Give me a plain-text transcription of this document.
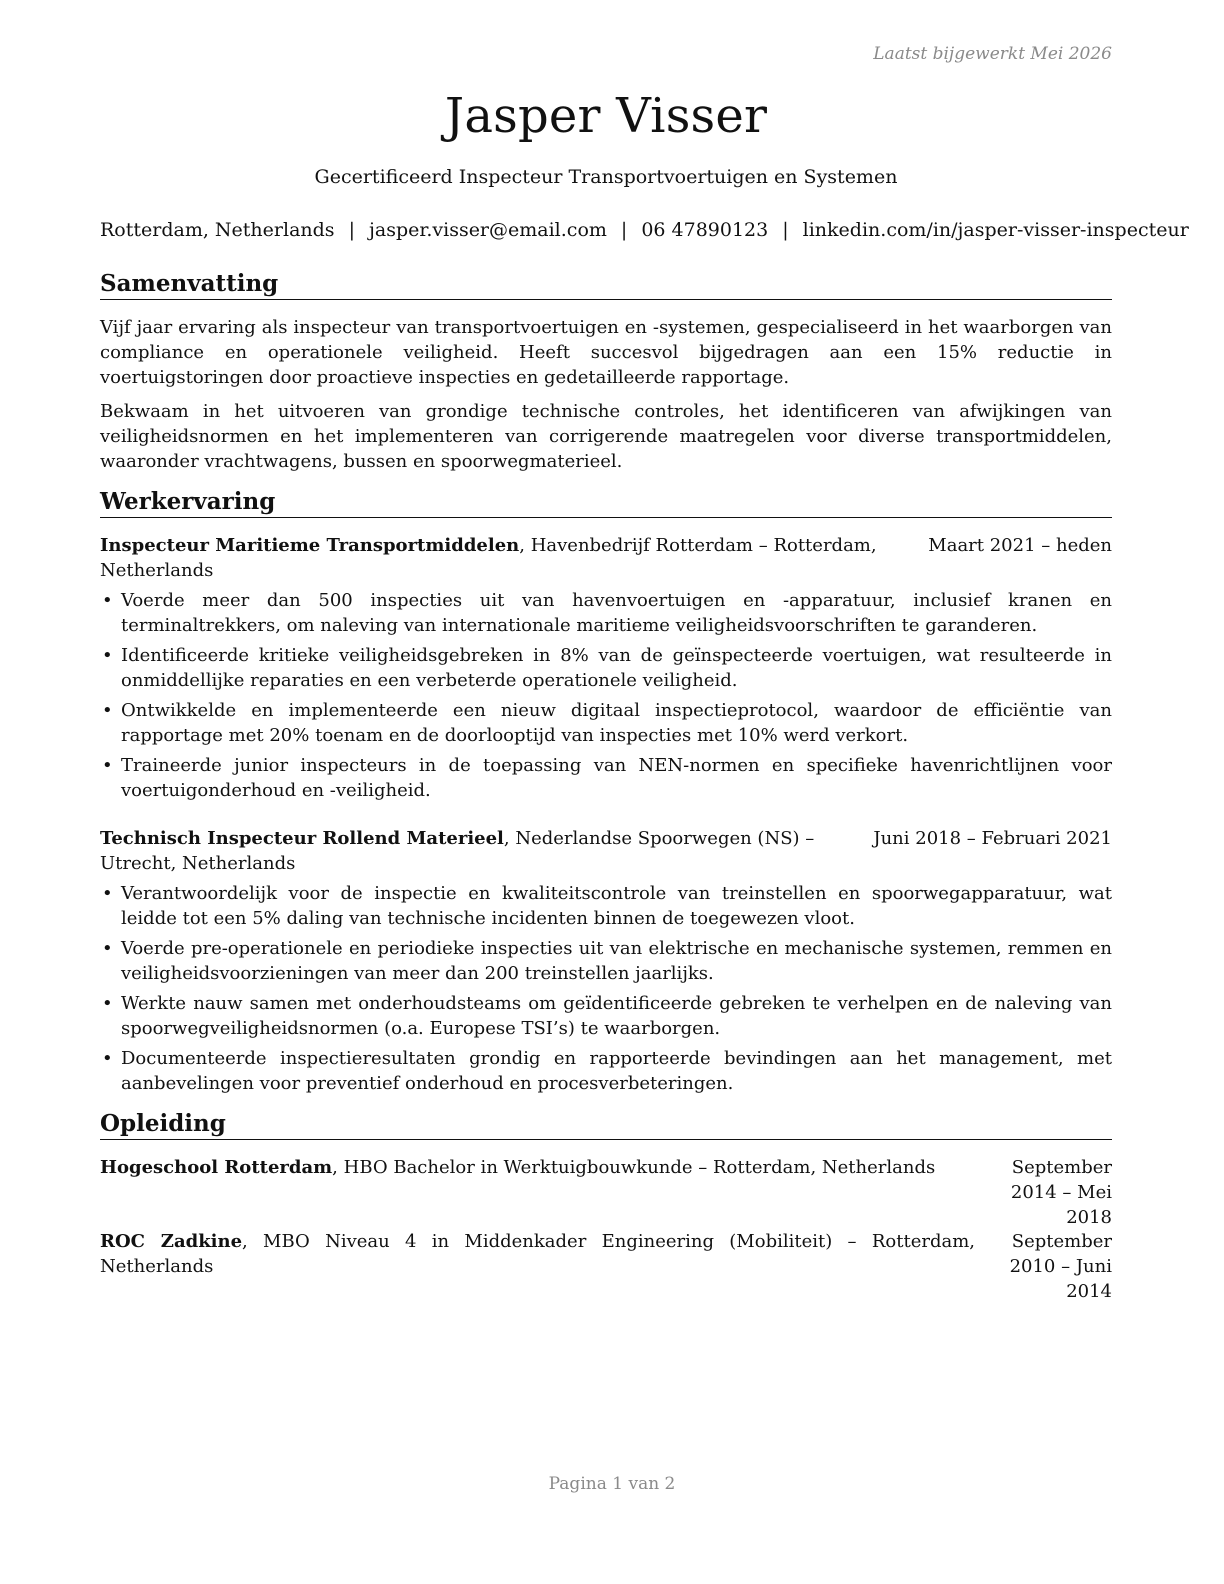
Laatst bijgewerkt Mei 2026
Jasper Visser
Gecertificeerd Inspecteur Transportvoertuigen en Systemen
Rotterdam, Netherlands | jasper.visser@email.com | 06 47890123 | linkedin.com/in/jasper-visser-inspecteur
Samenvatting

Vijf jaar ervaring als inspecteur van transportvoertuigen en -systemen, gespecialiseerd in het waarborgen van compliance en operationele veiligheid. Heeft succesvol bijgedragen aan een 15% reductie in voertuigstoringen door proactieve inspecties en gedetailleerde rapportage.

Bekwaam in het uitvoeren van grondige technische controles, het identificeren van afwijkingen van veiligheidsnormen en het implementeren van corrigerende maatregelen voor diverse transportmiddelen, waaronder vrachtwagens, bussen en spoorwegmaterieel.

Werkervaring
Inspecteur Maritieme Transportmiddelen, Havenbedrijf Rotterdam – Rotterdam, Netherlands
Maart 2021 – heden
• Voerde meer dan 500 inspecties uit van havenvoertuigen en -apparatuur, inclusief kranen en terminaltrekkers, om naleving van internationale maritieme veiligheidsvoorschriften te garanderen.
• Identificeerde kritieke veiligheidsgebreken in 8% van de geïnspecteerde voertuigen, wat resulteerde in onmiddellijke reparaties en een verbeterde operationele veiligheid.
• Ontwikkelde en implementeerde een nieuw digitaal inspectieprotocol, waardoor de efficiëntie van rapportage met 20% toenam en de doorlooptijd van inspecties met 10% werd verkort.
• Traineerde junior inspecteurs in de toepassing van NEN-normen en specifieke havenrichtlijnen voor voertuigonderhoud en -veiligheid.
Technisch Inspecteur Rollend Materieel, Nederlandse Spoorwegen (NS) – Utrecht, Netherlands
Juni 2018 – Februari 2021
• Verantwoordelijk voor de inspectie en kwaliteitscontrole van treinstellen en spoorwegapparatuur, wat leidde tot een 5% daling van technische incidenten binnen de toegewezen vloot.
• Voerde pre-operationele en periodieke inspecties uit van elektrische en mechanische systemen, remmen en veiligheidsvoorzieningen van meer dan 200 treinstellen jaarlijks.
• Werkte nauw samen met onderhoudsteams om geïdentificeerde gebreken te verhelpen en de naleving van spoorwegveiligheidsnormen (o.a. Europese TSI’s) te waarborgen.
• Documenteerde inspectieresultaten grondig en rapporteerde bevindingen aan het management, met aanbevelingen voor preventief onderhoud en procesverbeteringen.
Opleiding
Hogeschool Rotterdam, HBO Bachelor in Werktuigbouwkunde – Rotterdam, Netherlands	September 2014 – Mei 2018
ROC Zadkine, MBO Niveau 4 in Middenkader Engineering (Mobiliteit) – Rotterdam, Netherlands
September 2010 – Juni 2014
Pagina 1 van 2
